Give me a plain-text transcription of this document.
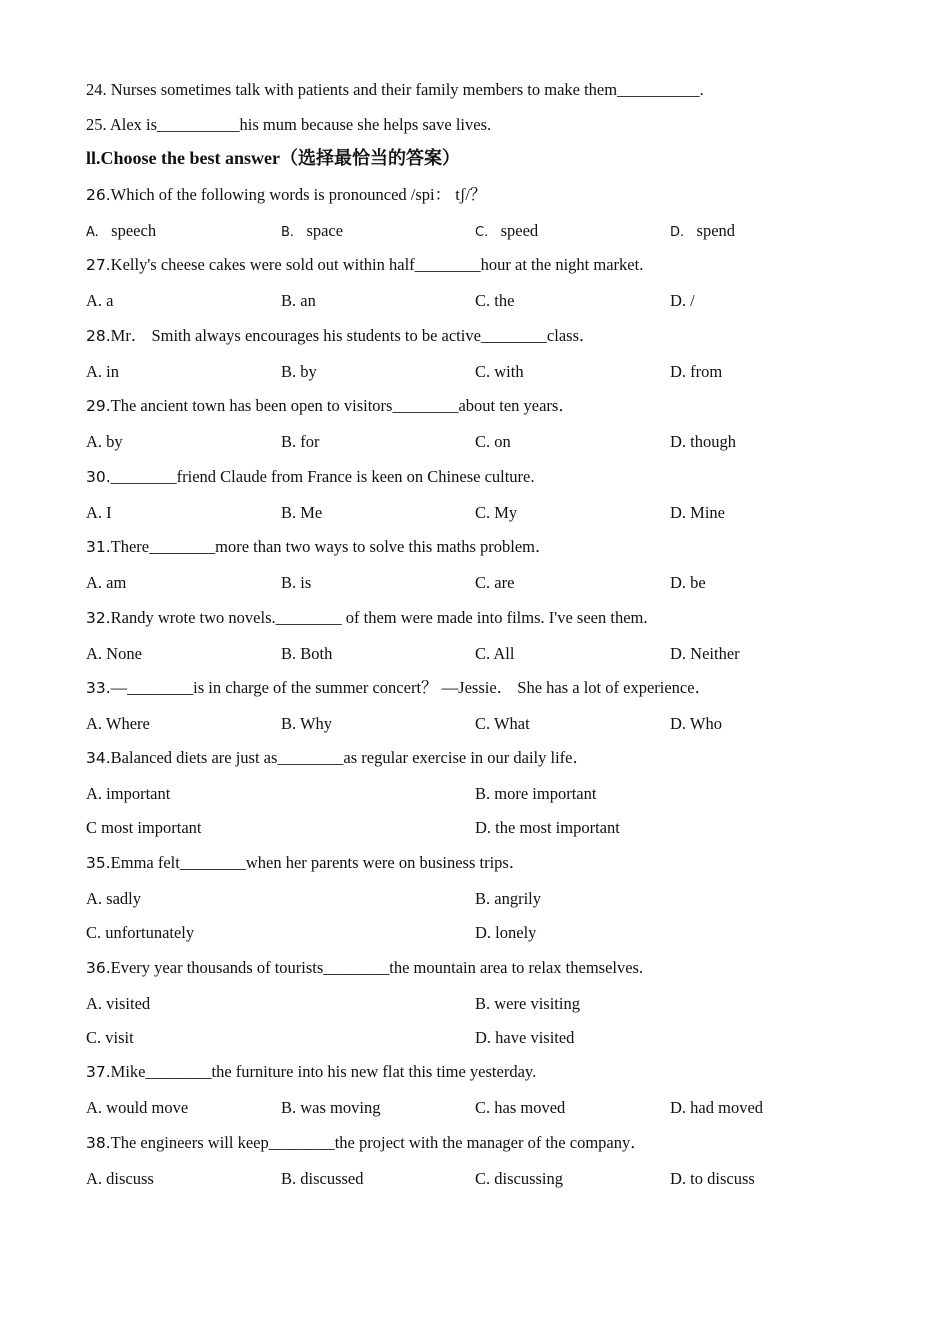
24. Nurses sometimes talk with patients and their family members to make them__________.
25. Alex is__________his mum because she helps save lives.
ll.Choose the best answer（选择最恰当的答案）
26.Which of the following words is pronounced /spi： tʃ/？
A. speech	B. space	C. speed	D. spend
27.Kelly's cheese cakes were sold out within half________hour at the night market.
A. a	B. an	C. the	D. /
28.Mr． Smith always encourages his students to be active________class．
A. in	B. by	C. with	D. from
29.The ancient town has been open to visitors________about ten years．
A. by	B. for	C. on	D. though
30.________friend Claude from France is keen on Chinese culture.
A. I	B. Me	C. My	D. Mine
31.There________more than two ways to solve this maths problem．
A. am	B. is	C. are	D. be
32.Randy wrote two novels.________ of them were made into films. I've seen them.
A. None	B. Both	C. All	D. Neither
33.—________is in charge of the summer concert？ —Jessie． She has a lot of experience．
A. Where	B. Why	C. What	D. Who
34.Balanced diets are just as________as regular exercise in our daily life．
A. important	B. more important
C most important	D. the most important
35.Emma felt________when her parents were on business trips．
A. sadly	B. angrily
C. unfortunately	D. lonely
36.Every year thousands of tourists________the mountain area to relax themselves.
A. visited	B. were visiting
C. visit	D. have visited
37.Mike________the furniture into his new flat this time yesterday.
A. would move	B. was moving	C. has moved	D. had moved
38.The engineers will keep________the project with the manager of the company．
A. discuss	B. discussed	C. discussing	D. to discuss
